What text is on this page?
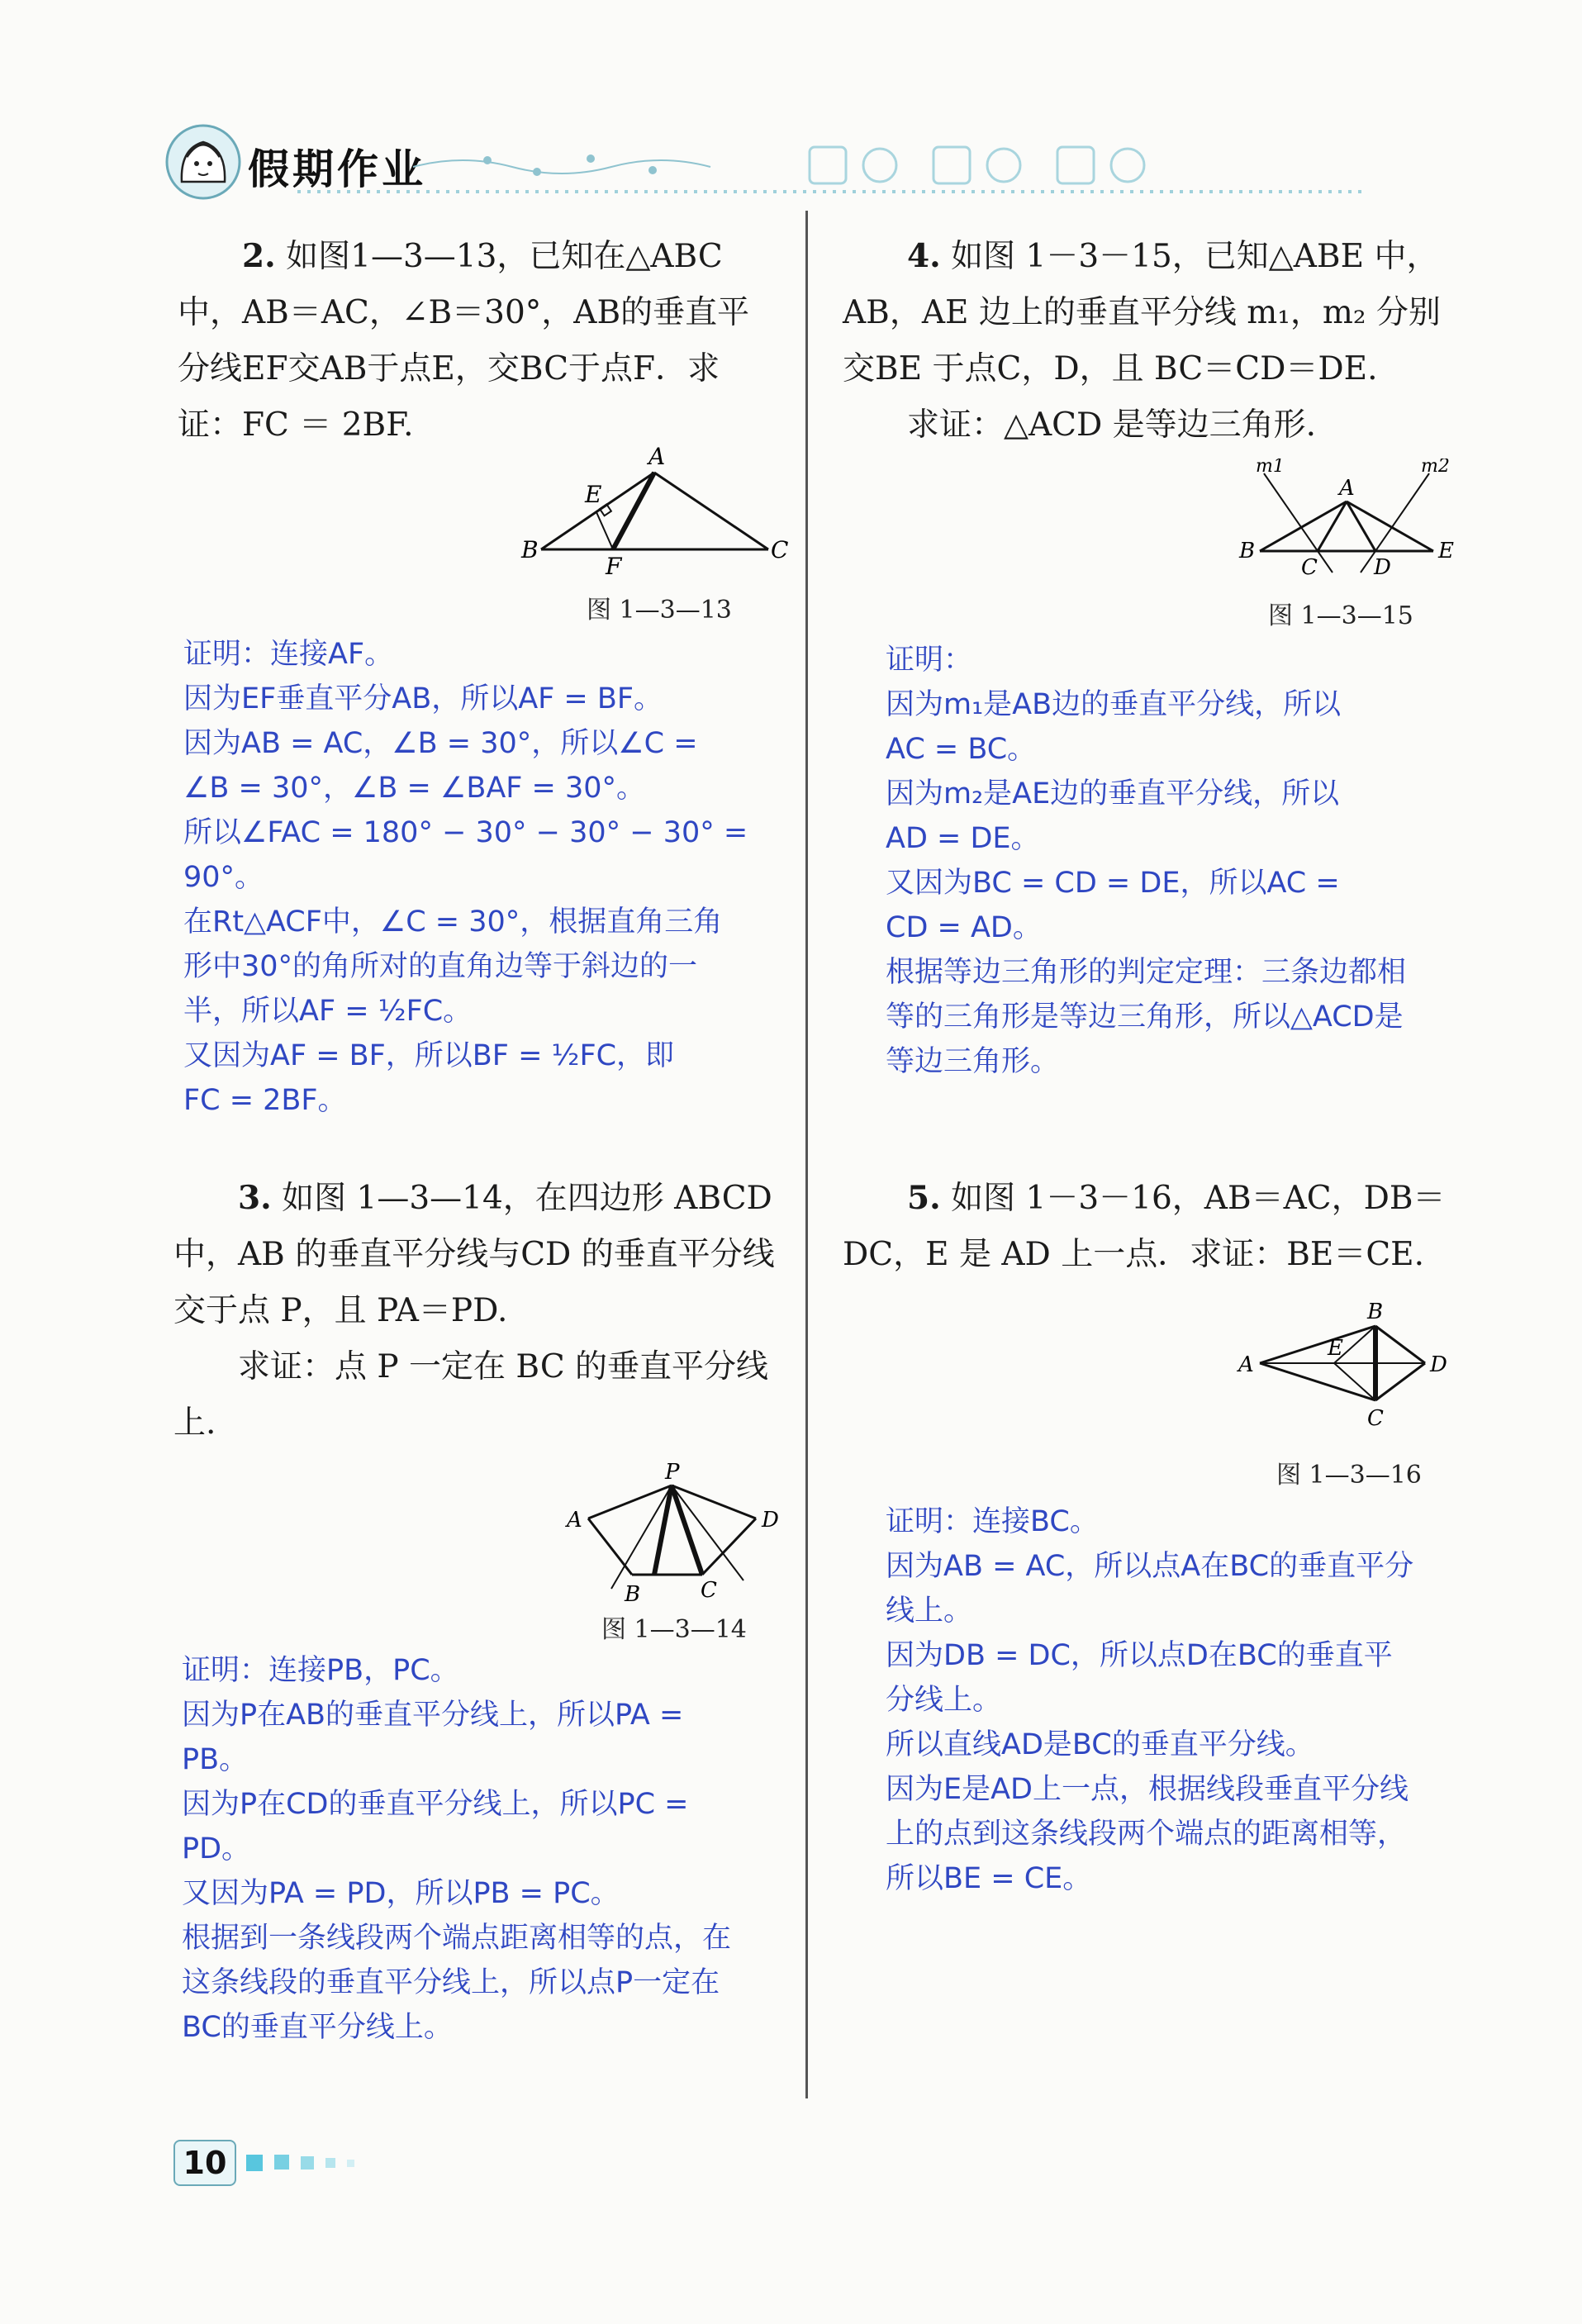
假期作业

2. 如图1—3—13，已知在△ABC中，AB＝AC，∠B＝30°，AB的垂直平分线EF交AB于点E，交BC于点F．求证：FC ＝ 2BF.

A
E
B
F
C
图 1—3—13

证明：连接AF。

因为EF垂直平分AB，所以AF = BF。

因为AB = AC，∠B = 30°，所以∠C =

∠B = 30°，∠B = ∠BAF = 30°。

所以∠FAC = 180° − 30° − 30° − 30° =

90°。

在Rt△ACF中，∠C = 30°，根据直角三角

形中30°的角所对的直角边等于斜边的一

半，所以AF = ½FC。

又因为AF = BF，所以BF = ½FC，即

FC = 2BF。

4. 如图 1－3－15，已知△ABE 中，AB，AE 边上的垂直平分线 m₁，m₂ 分别交BE 于点C，D，且 BC＝CD＝DE.

求证：△ACD 是等边三角形.

m1
A
m2
B
C	D
E
图 1—3—15

证明：

因为m₁是AB边的垂直平分线，所以

AC = BC。

因为m₂是AE边的垂直平分线，所以

AD = DE。

又因为BC = CD = DE，所以AC =

CD = AD。

根据等边三角形的判定定理：三条边都相

等的三角形是等边三角形，所以△ACD是

等边三角形。

3. 如图 1—3—14，在四边形 ABCD中，AB 的垂直平分线与CD 的垂直平分线交于点 P，且 PA＝PD.

求证：点 P 一定在 BC 的垂直平分线上.

P
A	D
B	C
图 1—3—14

证明：连接PB，PC。

因为P在AB的垂直平分线上，所以PA =

PB。

因为P在CD的垂直平分线上，所以PC =

PD。

又因为PA = PD，所以PB = PC。

根据到一条线段两个端点距离相等的点，在

这条线段的垂直平分线上，所以点P一定在

BC的垂直平分线上。

5. 如图 1－3－16，AB＝AC，DB＝DC，E 是 AD 上一点．求证：BE＝CE.

B
A
E
D
C
图 1—3—16

证明：连接BC。

因为AB = AC，所以点A在BC的垂直平分

线上。

因为DB = DC，所以点D在BC的垂直平

分线上。

所以直线AD是BC的垂直平分线。

因为E是AD上一点，根据线段垂直平分线

上的点到这条线段两个端点的距离相等，

所以BE = CE。

10
